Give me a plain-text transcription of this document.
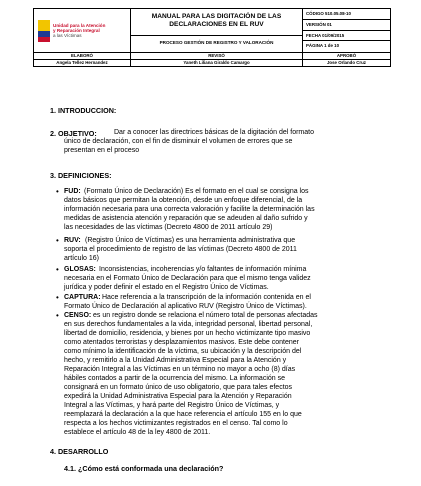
Unidad para la Atención
y Reparación Integral
a las Víctimas
MANUAL PARA LAS DIGITACIÓN DE LAS DECLARACIONES EN EL RUV
PROCESO GESTIÓN DE REGISTRO Y VALORACIÓN
CÓDIGO 510.05.08-10
VERSIÓN 01
FECHA 01/09/2015
PÁGINA 1 de 10
ELABORÓ	REVISÓ	APROBÓ
Angela Tellez Hernandez	Yaneth Liliana Giraldo Camargo	Jose Orlando Cruz
1. INTRODUCCION:
2. OBJETIVO: Dar a conocer las directrices básicas de la digitación del formato
único de declaración, con el fin de disminuir el volumen de errores que se
presentan en el proceso
3. DEFINICIONES:
• FUD: (Formato Único de Declaración) Es el formato en el cual se consigna los
datos básicos que permitan la obtención, desde un enfoque diferencial, de la
información necesaria para una correcta valoración y facilite la determinación las
medidas de asistencia atención y reparación que se adeuden al daño sufrido y
las necesidades de las víctimas (Decreto 4800 de 2011 artículo 29)
• RUV: (Registro Único de Víctimas) es una herramienta administrativa que
soporta el procedimiento de registro de las víctimas (Decreto 4800 de 2011
artículo 16)
• GLOSAS: Inconsistencias, incoherencias y/o faltantes de información mínima
necesaria en el Formato Único de Declaración para que el mismo tenga validez
jurídica y poder definir el estado en el Registro Único de Víctimas.
• CAPTURA: Hace referencia a la transcripción de la información contenida en el
Formato Único de Declaración al aplicativo RUV (Registro Único de Víctimas).
• CENSO: es un registro donde se relaciona el número total de personas afectadas
en sus derechos fundamentales a la vida, integridad personal, libertad personal,
libertad de domicilio, residencia, y bienes por un hecho victimizante tipo masivo
como atentados terroristas y desplazamientos masivos. Este debe contener
como mínimo la identificación de la víctima, su ubicación y la descripción del
hecho, y remitirlo a la Unidad Administrativa Especial para la Atención y
Reparación Integral a las Víctimas en un término no mayor a ocho (8) días
hábiles contados a partir de la ocurrencia del mismo. La información se
consignará en un formato único de uso obligatorio, que para tales efectos
expedirá la Unidad Administrativa Especial para la Atención y Reparación
Integral a las Víctimas, y hará parte del Registro Único de Víctimas, y
reemplazará la declaración a la que hace referencia el artículo 155 en lo que
respecta a los hechos victimizantes registrados en el censo. Tal como lo
establece el artículo 48 de la ley 4800 de 2011.
4. DESARROLLO
4.1. ¿Cómo está conformada una declaración?
